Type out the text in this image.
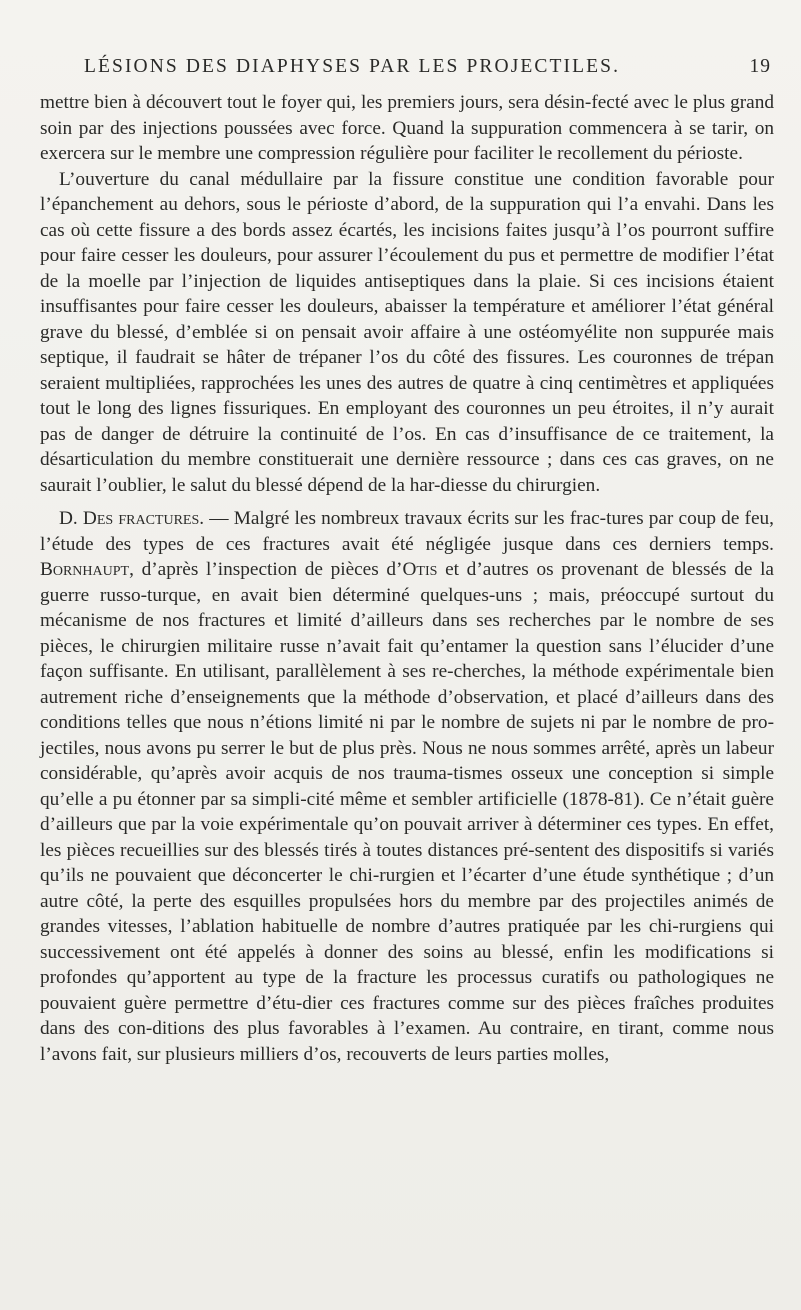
LÉSIONS DES DIAPHYSES PAR LES PROJECTILES.	19

mettre bien à découvert tout le foyer qui, les premiers jours, sera désin-fecté avec le plus grand soin par des injections poussées avec force. Quand la suppuration commencera à se tarir, on exercera sur le membre une compression régulière pour faciliter le recollement du périoste.

L’ouverture du canal médullaire par la fissure constitue une condition favorable pour l’épanchement au dehors, sous le périoste d’abord, de la suppuration qui l’a envahi. Dans les cas où cette fissure a des bords assez écartés, les incisions faites jusqu’à l’os pourront suffire pour faire cesser les douleurs, pour assurer l’écoulement du pus et permettre de modifier l’état de la moelle par l’injection de liquides antiseptiques dans la plaie. Si ces incisions étaient insuffisantes pour faire cesser les douleurs, abaisser la température et améliorer l’état général grave du blessé, d’emblée si on pensait avoir affaire à une ostéomyélite non suppurée mais septique, il faudrait se hâter de trépaner l’os du côté des fissures. Les couronnes de trépan seraient multipliées, rapprochées les unes des autres de quatre à cinq centimètres et appliquées tout le long des lignes fissuriques. En employant des couronnes un peu étroites, il n’y aurait pas de danger de détruire la continuité de l’os. En cas d’insuffisance de ce traitement, la désarticulation du membre constituerait une dernière ressource ; dans ces cas graves, on ne saurait l’oublier, le salut du blessé dépend de la har-diesse du chirurgien.

D. Des fractures. — Malgré les nombreux travaux écrits sur les frac-tures par coup de feu, l’étude des types de ces fractures avait été négligée jusque dans ces derniers temps. Bornhaupt, d’après l’inspection de pièces d’Otis et d’autres os provenant de blessés de la guerre russo-turque, en avait bien déterminé quelques-uns ; mais, préoccupé surtout du mécanisme de nos fractures et limité d’ailleurs dans ses recherches par le nombre de ses pièces, le chirurgien militaire russe n’avait fait qu’entamer la question sans l’élucider d’une façon suffisante. En utilisant, parallèlement à ses re-cherches, la méthode expérimentale bien autrement riche d’enseignements que la méthode d’observation, et placé d’ailleurs dans des conditions telles que nous n’étions limité ni par le nombre de sujets ni par le nombre de pro-jectiles, nous avons pu serrer le but de plus près. Nous ne nous sommes arrêté, après un labeur considérable, qu’après avoir acquis de nos trauma-tismes osseux une conception si simple qu’elle a pu étonner par sa simpli-cité même et sembler artificielle (1878-81). Ce n’était guère d’ailleurs que par la voie expérimentale qu’on pouvait arriver à déterminer ces types. En effet, les pièces recueillies sur des blessés tirés à toutes distances pré-sentent des dispositifs si variés qu’ils ne pouvaient que déconcerter le chi-rurgien et l’écarter d’une étude synthétique ; d’un autre côté, la perte des esquilles propulsées hors du membre par des projectiles animés de grandes vitesses, l’ablation habituelle de nombre d’autres pratiquée par les chi-rurgiens qui successivement ont été appelés à donner des soins au blessé, enfin les modifications si profondes qu’apportent au type de la fracture les processus curatifs ou pathologiques ne pouvaient guère permettre d’étu-dier ces fractures comme sur des pièces fraîches produites dans des con-ditions des plus favorables à l’examen. Au contraire, en tirant, comme nous l’avons fait, sur plusieurs milliers d’os, recouverts de leurs parties molles,
